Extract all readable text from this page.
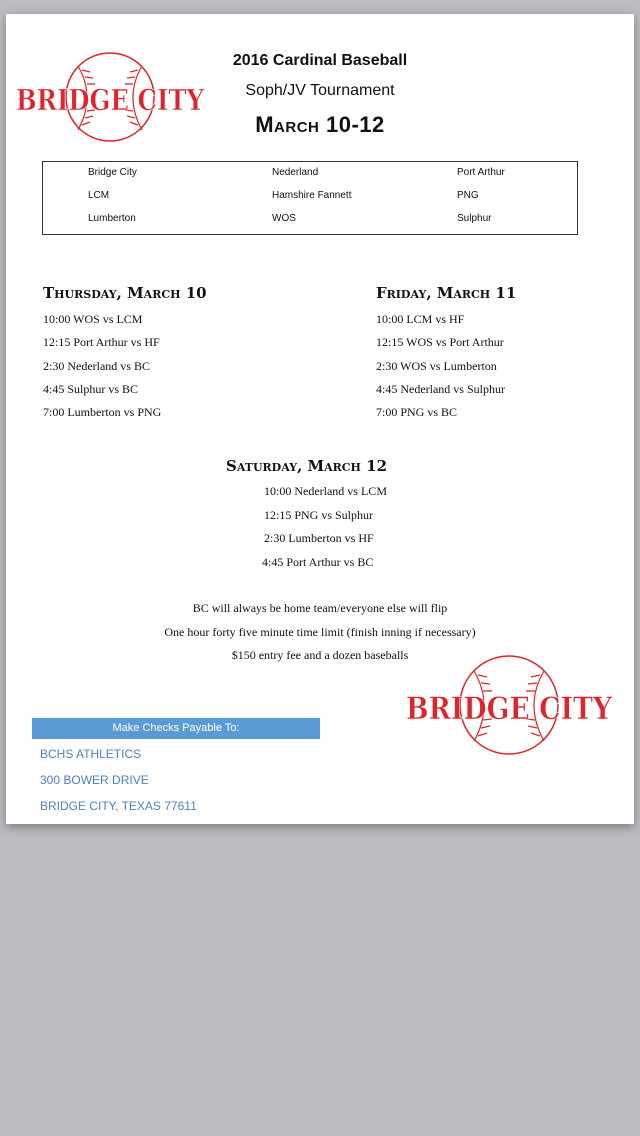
BRIDGE CITY
2016 Cardinal Baseball
Soph/JV Tournament
March 10-12
Bridge City	Nederland	Port Arthur
LCM	Hamshire Fannett	PNG
Lumberton	WOS	Sulphur
Thursday, March 10
10:00 WOS vs LCM
12:15 Port Arthur vs HF
2:30 Nederland vs BC
4:45 Sulphur vs BC
7:00 Lumberton vs PNG
Friday, March 11
10:00 LCM vs HF
12:15 WOS vs Port Arthur
2:30 WOS vs Lumberton
4:45 Nederland vs Sulphur
7:00 PNG vs BC
Saturday, March 12
10:00 Nederland vs LCM
12:15 PNG vs Sulphur
2:30 Lumberton vs HF
4:45 Port Arthur vs BC
BC will always be home team/everyone else will flip
One hour forty five minute time limit (finish inning if necessary)
$150 entry fee and a dozen baseballs
BRIDGE CITY
Make Checks Payable To:
BCHS ATHLETICS
300 BOWER DRIVE
BRIDGE CITY, TEXAS 77611
